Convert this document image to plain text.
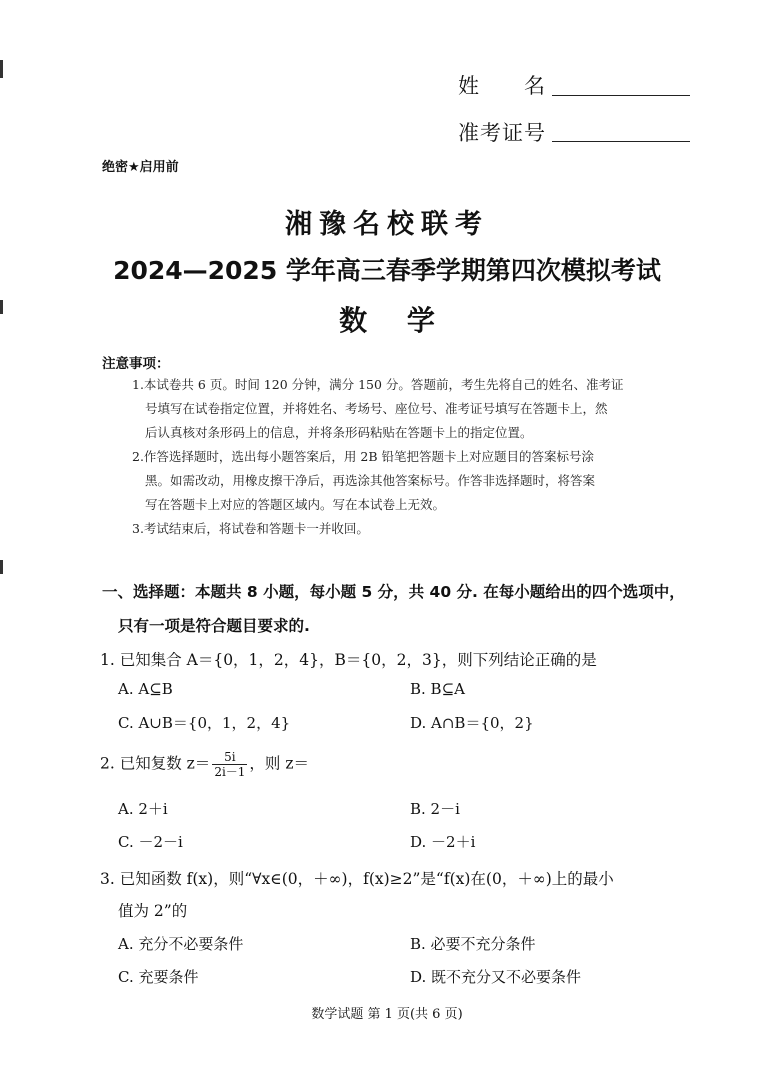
姓　　名
准考证号
绝密★启用前
湘豫名校联考
2024—2025 学年高三春季学期第四次模拟考试
数 学
注意事项：
1.本试卷共 6 页。时间 120 分钟，满分 150 分。答题前，考生先将自己的姓名、准考证
号填写在试卷指定位置，并将姓名、考场号、座位号、准考证号填写在答题卡上，然
后认真核对条形码上的信息，并将条形码粘贴在答题卡上的指定位置。
2.作答选择题时，选出每小题答案后，用 2B 铅笔把答题卡上对应题目的答案标号涂
黑。如需改动，用橡皮擦干净后，再选涂其他答案标号。作答非选择题时，将答案
写在答题卡上对应的答题区域内。写在本试卷上无效。
3.考试结束后，将试卷和答题卡一并收回。
一、选择题：本题共 8 小题，每小题 5 分，共 40 分. 在每小题给出的四个选项中，
只有一项是符合题目要求的.
1. 已知集合 A＝{0，1，2，4}，B＝{0，2，3}，则下列结论正确的是
A. A⊆B	B. B⊆A
C. A∪B＝{0，1，2，4}	D. A∩B＝{0，2}
2. 已知复数 $z= \frac{5i}{2i-1}$ ，则 z＝
A. 2＋i	B. 2－i
C. －2－i	D. －2＋i
3. 已知函数 f(x)，则“∀x∈(0，＋∞)，f(x)≥2”是“f(x)在(0，＋∞)上的最小
值为 2”的
A. 充分不必要条件	B. 必要不充分条件
C. 充要条件	D. 既不充分又不必要条件
数学试题 第 1 页(共 6 页)
